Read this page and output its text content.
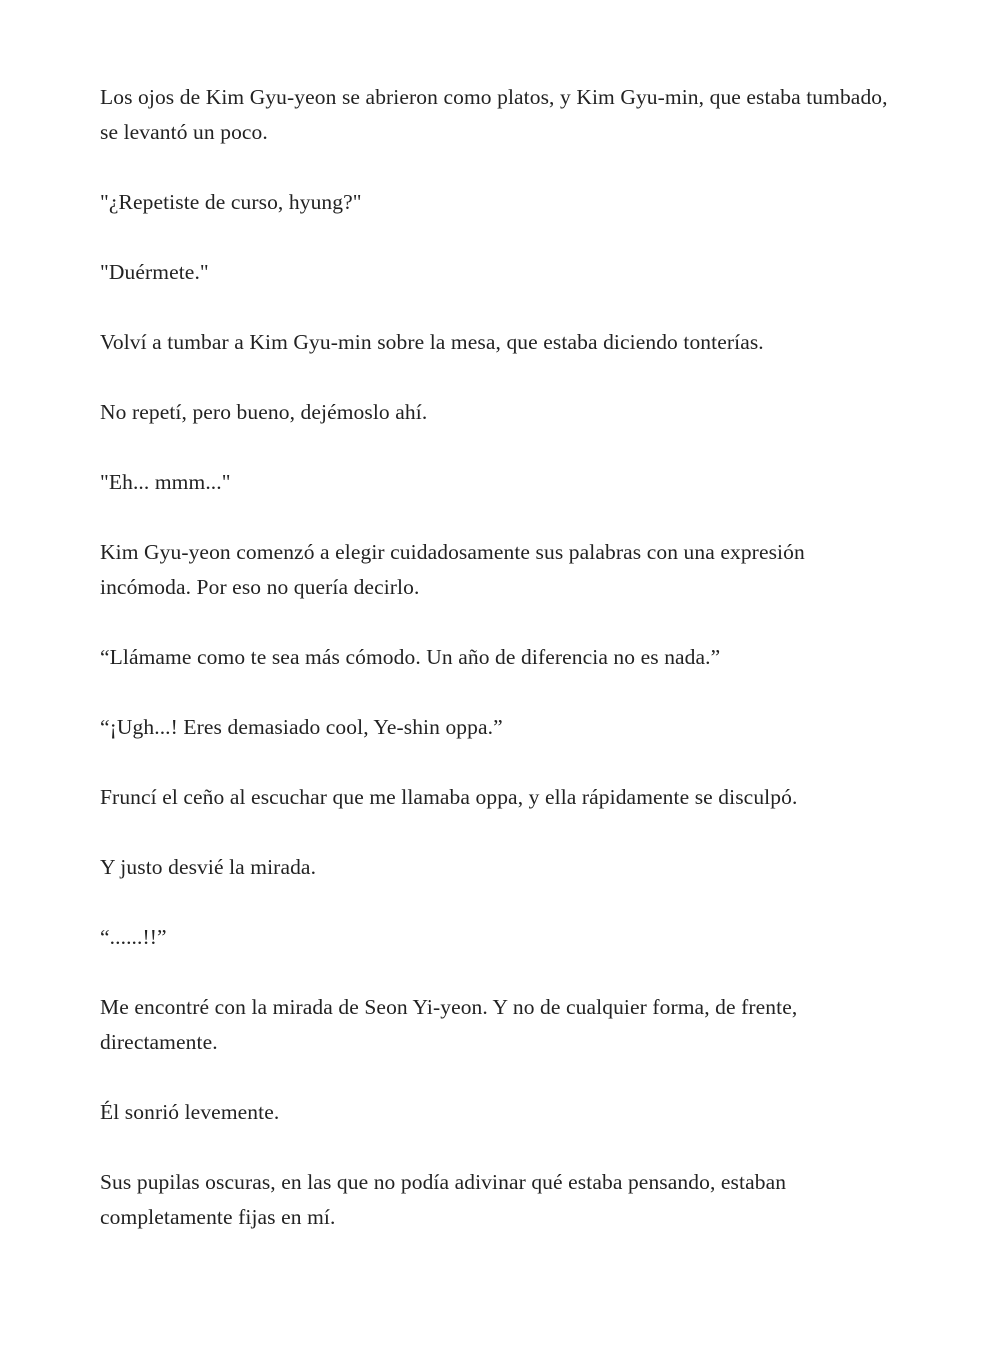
Los ojos de Kim Gyu-yeon se abrieron como platos, y Kim Gyu-min, que estaba tumbado, se levantó un poco.

"¿Repetiste de curso, hyung?"

"Duérmete."

Volví a tumbar a Kim Gyu-min sobre la mesa, que estaba diciendo tonterías.

No repetí, pero bueno, dejémoslo ahí.

"Eh... mmm..."

Kim Gyu-yeon comenzó a elegir cuidadosamente sus palabras con una expresión incómoda. Por eso no quería decirlo.

“Llámame como te sea más cómodo. Un año de diferencia no es nada.”

“¡Ugh...! Eres demasiado cool, Ye-shin oppa.”

Fruncí el ceño al escuchar que me llamaba oppa, y ella rápidamente se disculpó.

Y justo desvié la mirada.

“......!!”

Me encontré con la mirada de Seon Yi-yeon. Y no de cualquier forma, de frente, directamente.

Él sonrió levemente.

Sus pupilas oscuras, en las que no podía adivinar qué estaba pensando, estaban completamente fijas en mí.
